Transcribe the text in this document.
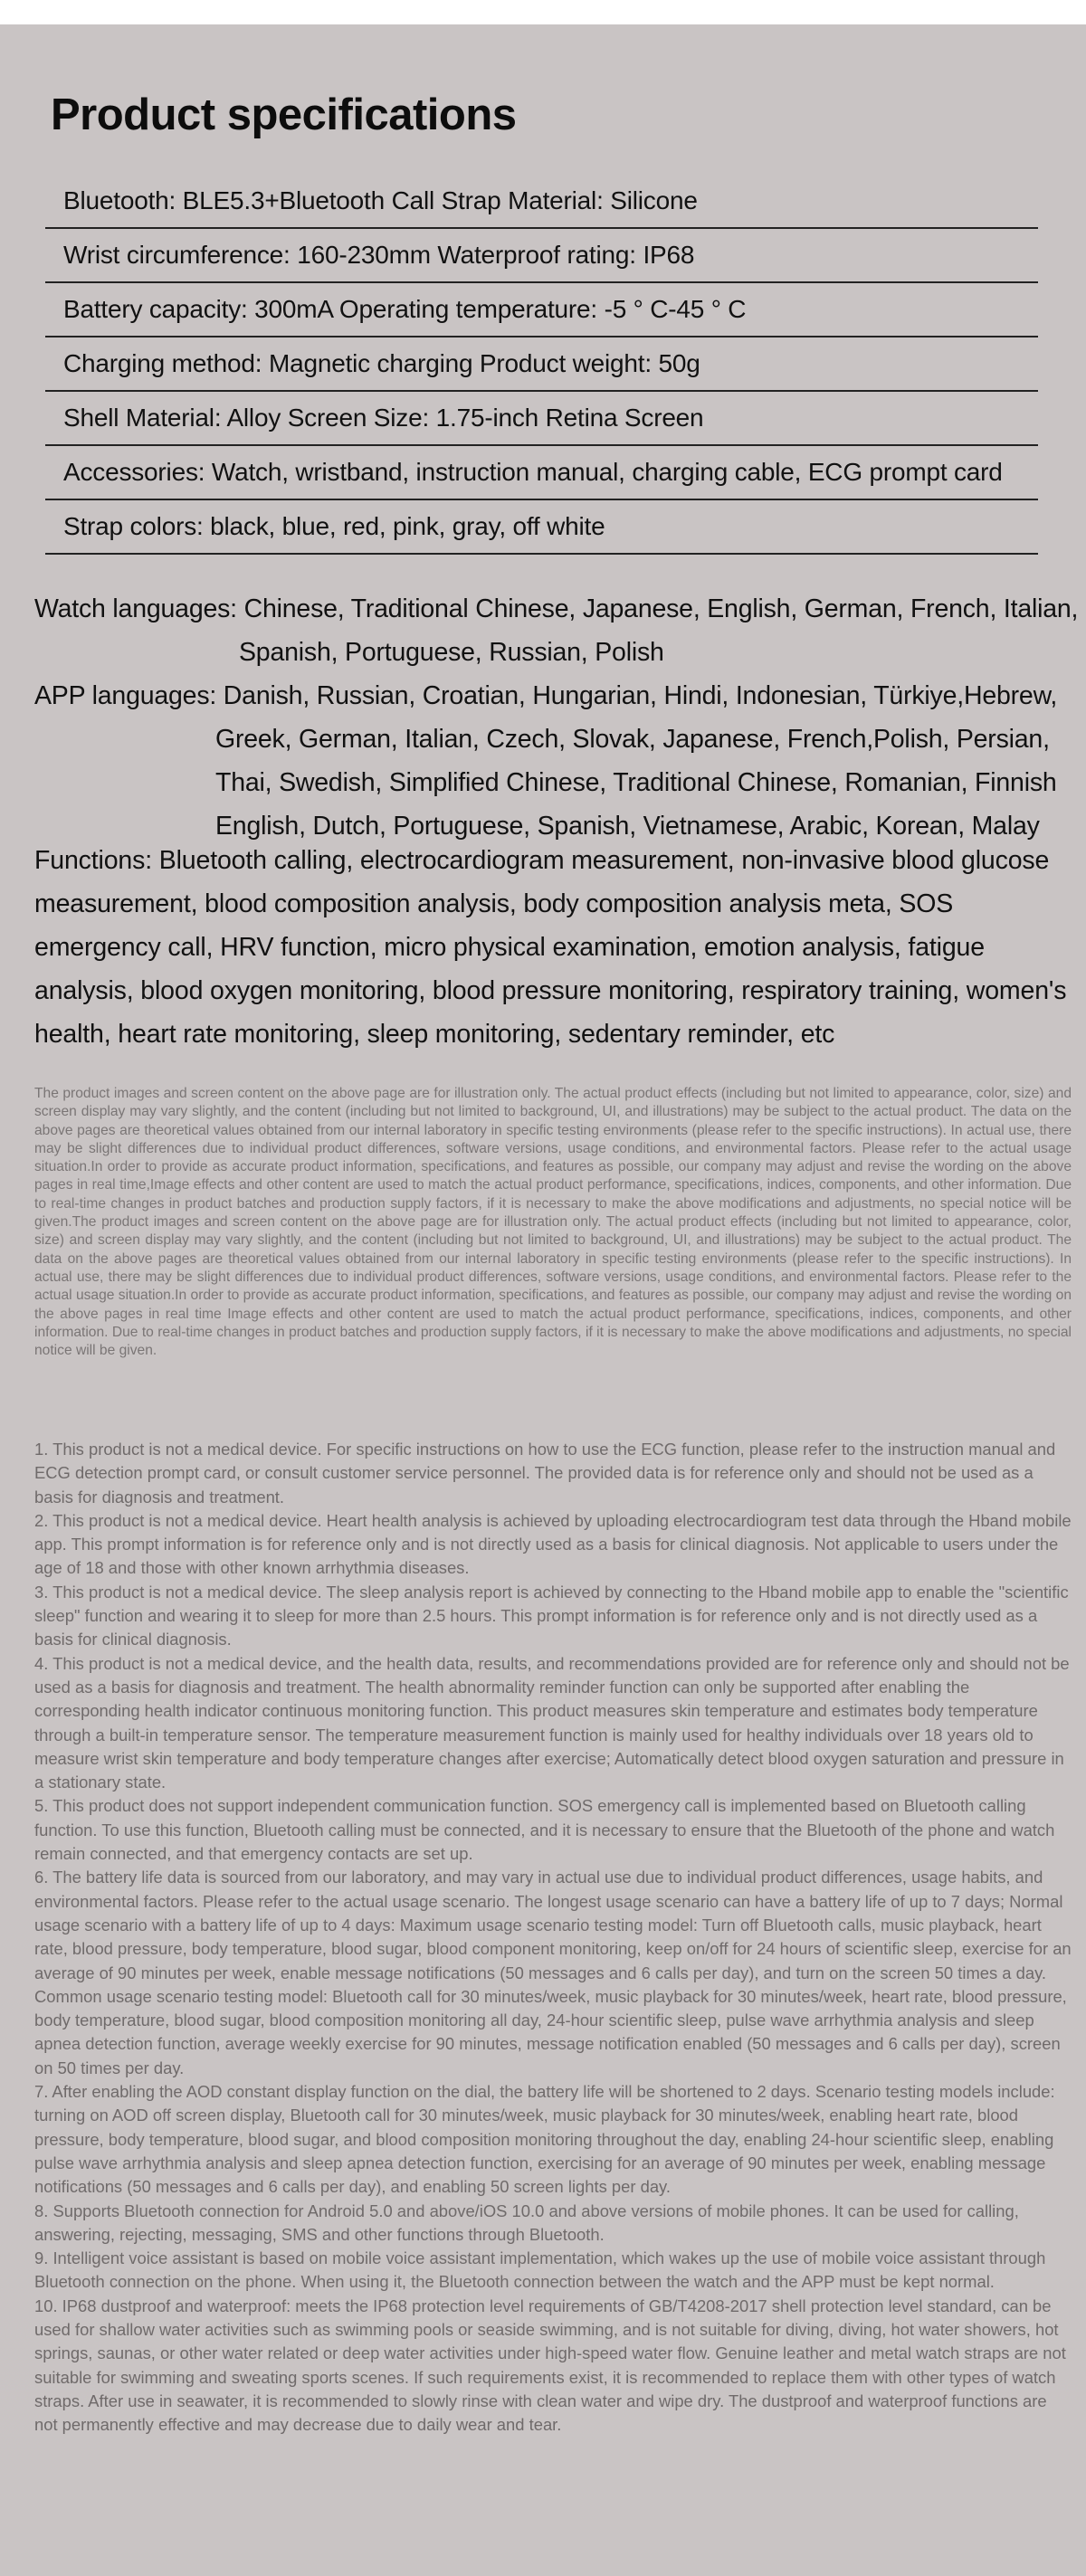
Product specifications
Bluetooth: BLE5.3+Bluetooth Call Strap Material: Silicone
Wrist circumference: 160-230mm Waterproof rating: IP68
Battery capacity: 300mA Operating temperature: -5 ° C-45 ° C
Charging method: Magnetic charging Product weight: 50g
Shell Material: Alloy Screen Size: 1.75-inch Retina Screen
Accessories: Watch, wristband, instruction manual, charging cable, ECG prompt card
Strap colors: black, blue, red, pink, gray, off white
Watch languages: Chinese, Traditional Chinese, Japanese, English, German, French, Italian,
Spanish, Portuguese, Russian, Polish
APP languages: Danish, Russian, Croatian, Hungarian, Hindi, Indonesian, Türkiye,Hebrew,
Greek, German, Italian, Czech, Slovak, Japanese, French,Polish, Persian,
Thai, Swedish, Simplified Chinese, Traditional Chinese, Romanian, Finnish
English, Dutch, Portuguese, Spanish, Vietnamese, Arabic, Korean, Malay
Functions: Bluetooth calling, electrocardiogram measurement, non-invasive blood glucose measurement, blood composition analysis, body composition analysis meta, SOS emergency call, HRV function, micro physical examination, emotion analysis, fatigue analysis, blood oxygen monitoring, blood pressure monitoring, respiratory training, women's health, heart rate monitoring, sleep monitoring, sedentary reminder, etc
The product images and screen content on the above page are for illustration only. The actual product effects (including but not limited to appearance, color, size) and screen display may vary slightly, and the content (including but not limited to background, UI, and illustrations) may be subject to the actual product. The data on the above pages are theoretical values obtained from our internal laboratory in specific testing environments (please refer to the specific instructions). In actual use, there may be slight differences due to individual product differences, software versions, usage conditions, and environmental factors. Please refer to the actual usage situation.In order to provide as accurate product information, specifications, and features as possible, our company may adjust and revise the wording on the above pages in real time,Image effects and other content are used to match the actual product performance, specifications, indices, components, and other information. Due to real-time changes in product batches and production supply factors, if it is necessary to make the above modifications and adjustments, no special notice will be given.The product images and screen content on the above page are for illustration only. The actual product effects (including but not limited to appearance, color, size) and screen display may vary slightly, and the content (including but not limited to background, UI, and illustrations) may be subject to the actual product. The data on the above pages are theoretical values obtained from our internal laboratory in specific testing environments (please refer to the specific instructions). In actual use, there may be slight differences due to individual product differences, software versions, usage conditions, and environmental factors. Please refer to the actual usage situation.In order to provide as accurate product information, specifications, and features as possible, our company may adjust and revise the wording on the above pages in real time Image effects and other content are used to match the actual product performance, specifications, indices, components, and other information. Due to real-time changes in product batches and production supply factors, if it is necessary to make the above modifications and adjustments, no special notice will be given.

1. This product is not a medical device. For specific instructions on how to use the ECG function, please refer to the instruction manual and ECG detection prompt card, or consult customer service personnel. The provided data is for reference only and should not be used as a basis for diagnosis and treatment.

2. This product is not a medical device. Heart health analysis is achieved by uploading electrocardiogram test data through the Hband mobile app. This prompt information is for reference only and is not directly used as a basis for clinical diagnosis. Not applicable to users under the age of 18 and those with other known arrhythmia diseases.

3. This product is not a medical device. The sleep analysis report is achieved by connecting to the Hband mobile app to enable the "scientific sleep" function and wearing it to sleep for more than 2.5 hours. This prompt information is for reference only and is not directly used as a basis for clinical diagnosis.

4. This product is not a medical device, and the health data, results, and recommendations provided are for reference only and should not be used as a basis for diagnosis and treatment. The health abnormality reminder function can only be supported after enabling the corresponding health indicator continuous monitoring function. This product measures skin temperature and estimates body temperature through a built-in temperature sensor. The temperature measurement function is mainly used for healthy individuals over 18 years old to measure wrist skin temperature and body temperature changes after exercise; Automatically detect blood oxygen saturation and pressure in a stationary state.

5. This product does not support independent communication function. SOS emergency call is implemented based on Bluetooth calling function. To use this function, Bluetooth calling must be connected, and it is necessary to ensure that the Bluetooth of the phone and watch remain connected, and that emergency contacts are set up.

6. The battery life data is sourced from our laboratory, and may vary in actual use due to individual product differences, usage habits, and environmental factors. Please refer to the actual usage scenario. The longest usage scenario can have a battery life of up to 7 days; Normal usage scenario with a battery life of up to 4 days: Maximum usage scenario testing model: Turn off Bluetooth calls, music playback, heart rate, blood pressure, body temperature, blood sugar, blood component monitoring, keep on/off for 24 hours of scientific sleep, exercise for an average of 90 minutes per week, enable message notifications (50 messages and 6 calls per day), and turn on the screen 50 times a day. Common usage scenario testing model: Bluetooth call for 30 minutes/week, music playback for 30 minutes/week, heart rate, blood pressure, body temperature, blood sugar, blood composition monitoring all day, 24-hour scientific sleep, pulse wave arrhythmia analysis and sleep apnea detection function, average weekly exercise for 90 minutes, message notification enabled (50 messages and 6 calls per day), screen on 50 times per day.

7. After enabling the AOD constant display function on the dial, the battery life will be shortened to 2 days. Scenario testing models include: turning on AOD off screen display, Bluetooth call for 30 minutes/week, music playback for 30 minutes/week, enabling heart rate, blood pressure, body temperature, blood sugar, and blood composition monitoring throughout the day, enabling 24-hour scientific sleep, enabling pulse wave arrhythmia analysis and sleep apnea detection function, exercising for an average of 90 minutes per week, enabling message notifications (50 messages and 6 calls per day), and enabling 50 screen lights per day.

8. Supports Bluetooth connection for Android 5.0 and above/iOS 10.0 and above versions of mobile phones. It can be used for calling, answering, rejecting, messaging, SMS and other functions through Bluetooth.

9. Intelligent voice assistant is based on mobile voice assistant implementation, which wakes up the use of mobile voice assistant through Bluetooth connection on the phone. When using it, the Bluetooth connection between the watch and the APP must be kept normal.

10. IP68 dustproof and waterproof: meets the IP68 protection level requirements of GB/T4208-2017 shell protection level standard, can be used for shallow water activities such as swimming pools or seaside swimming, and is not suitable for diving, diving, hot water showers, hot springs, saunas, or other water related or deep water activities under high-speed water flow. Genuine leather and metal watch straps are not suitable for swimming and sweating sports scenes. If such requirements exist, it is recommended to replace them with other types of watch straps. After use in seawater, it is recommended to slowly rinse with clean water and wipe dry. The dustproof and waterproof functions are not permanently effective and may decrease due to daily wear and tear.
